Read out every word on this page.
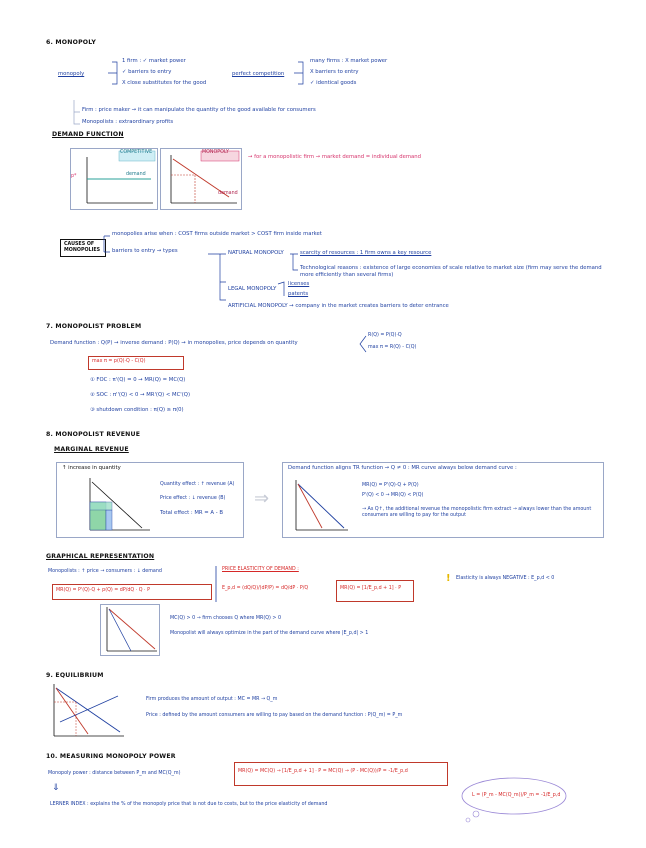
6. MONOPOLY
monopoly
1 firm : ✓ market power
✓ barriers to entry
X close substitutes for the good
perfect competition
many firms : X market power
X barriers to entry
✓ identical goods
Firm : price maker → it can manipulate the quantity of the good available for consumers
Monopolists : extraordinary profits
DEMAND FUNCTION
COMPETITIVE
p*
MONOPOLY
demand
demand
→ for a monopolistic firm → market demand = individual demand
CAUSES OF MONOPOLIES
monopolies arise when : COST firms outside market > COST firm inside market
barriers to entry → types	NATURAL MONOPOLY	scarcity of resources : 1 firm owns a key resource
Technological reasons : existence of large economies of scale relative to market size (firm may serve the demand more efficiently than several firms)
LEGAL MONOPOLY
licenses
patents
ARTIFICIAL MONOPOLY → company in the market creates barriers to deter entrance
7. MONOPOLIST PROBLEM
Demand function : Q(P) → inverse demand : P(Q) → in monopolies, price depends on quantity
R(Q) = P(Q)·Q
max π = R(Q) - C(Q)
max π = p(Q)·Q - C(Q)
① FOC : π'(Q) = 0 → MR(Q) = MC(Q)
② SOC : π''(Q) < 0 → MR'(Q) < MC'(Q)
③ shutdown condition : π(Q) ≥ π(0)
8. MONOPOLIST REVENUE
MARGINAL REVENUE
↑ increase in quantity
Quantity effect : ↑ revenue (A)
Price effect : ↓ revenue (B)
Total effect : MR = A - B
⇒
Demand function aligns TR function → Q ≠ 0 : MR curve always below demand curve :
MR(Q) = P'(Q)·Q + P(Q)
P'(Q) < 0 → MR(Q) < P(Q)
→ As Q↑, the additional revenue the monopolistic firm extract → always lower than the amount consumers are willing to pay for the output
GRAPHICAL REPRESENTATION
Monopolists : ↑ price → consumers : ↓ demand
MR(Q) = P'(Q)·Q + p(Q) = dP/dQ · Q · P
PRICE ELASTICITY OF DEMAND :
E_p,d = (dQ/Q)/(dP/P) = dQ/dP · P/Q	MR(Q) = [1/E_p,d + 1] · P
! Elasticity is always NEGATIVE : E_p,d < 0
MC(Q) > 0 → firm chooses Q where MR(Q) > 0
Monopolist will always optimize in the part of the demand curve where |E_p,d| > 1
9. EQUILIBRIUM
Firm produces the amount of output : MC = MR → Q_m
Price : defined by the amount consumers are willing to pay based on the demand function : P(Q_m) = P_m
10. MEASURING MONOPOLY POWER
Monopoly power : distance between P_m and MC(Q_m)	MR(Q) = MC(Q) → [1/E_p,d + 1] · P = MC(Q) → (P - MC(Q))/P = -1/E_p,d
⇓
LERNER INDEX : explains the % of the monopoly price that is not due to costs, but to the price elasticity of demand
L = (P_m - MC(Q_m))/P_m = -1/E_p,d
